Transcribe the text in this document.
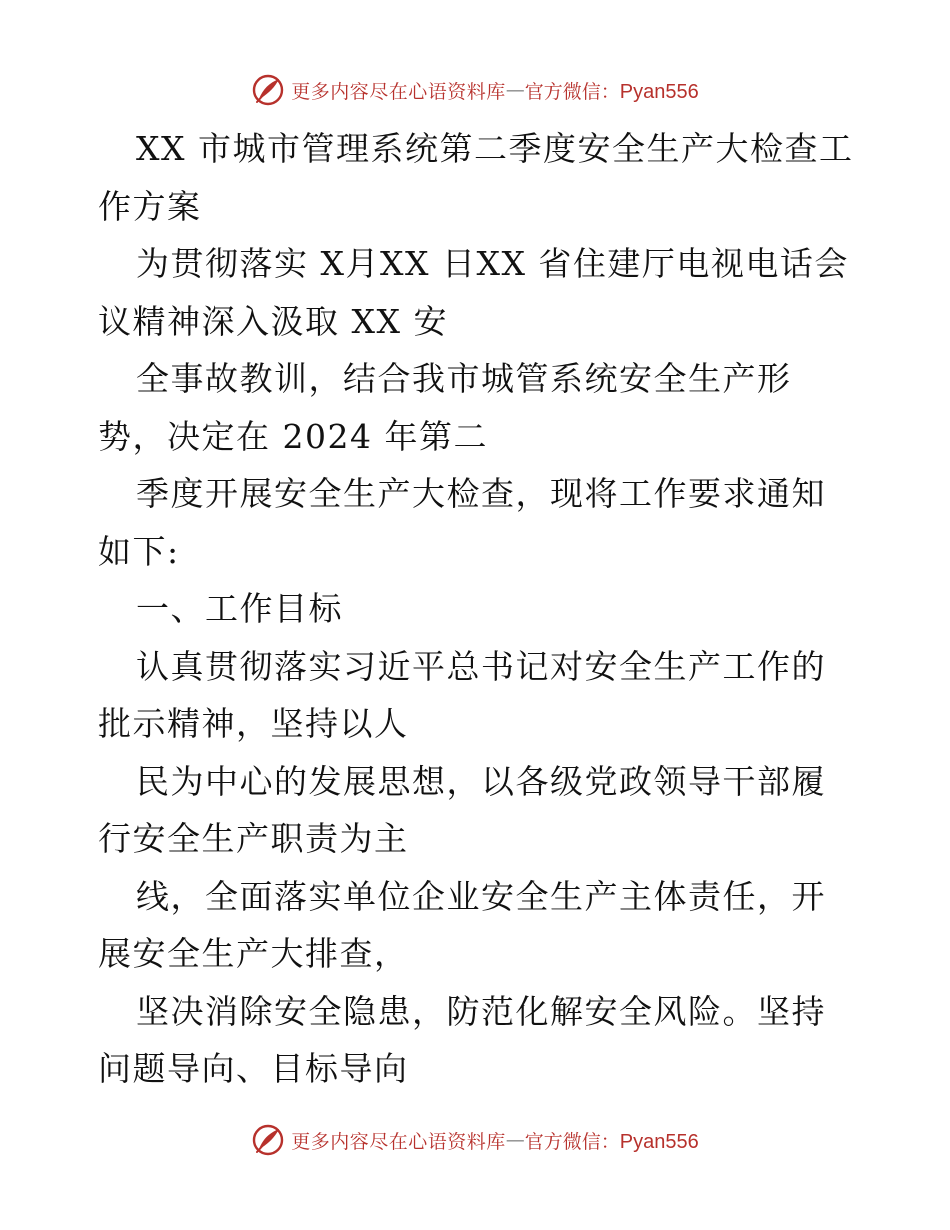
更多内容尽在心语资料库 — 官方微信：Pyan556

XX 市城市管理系统第二季度安全生产大检查工作方案

为贯彻落实 X月XX 日XX 省住建厅电视电话会议精神深入汲取 XX 安

全事故教训，结合我市城管系统安全生产形势，决定在 2024 年第二

季度开展安全生产大检查，现将工作要求通知如下:

一、工作目标

认真贯彻落实习近平总书记对安全生产工作的批示精神，坚持以人

民为中心的发展思想，以各级党政领导干部履行安全生产职责为主

线，全面落实单位企业安全生产主体责任，开展安全生产大排查，

坚决消除安全隐患，防范化解安全风险。坚持问题导向、目标导向

更多内容尽在心语资料库 — 官方微信：Pyan556
